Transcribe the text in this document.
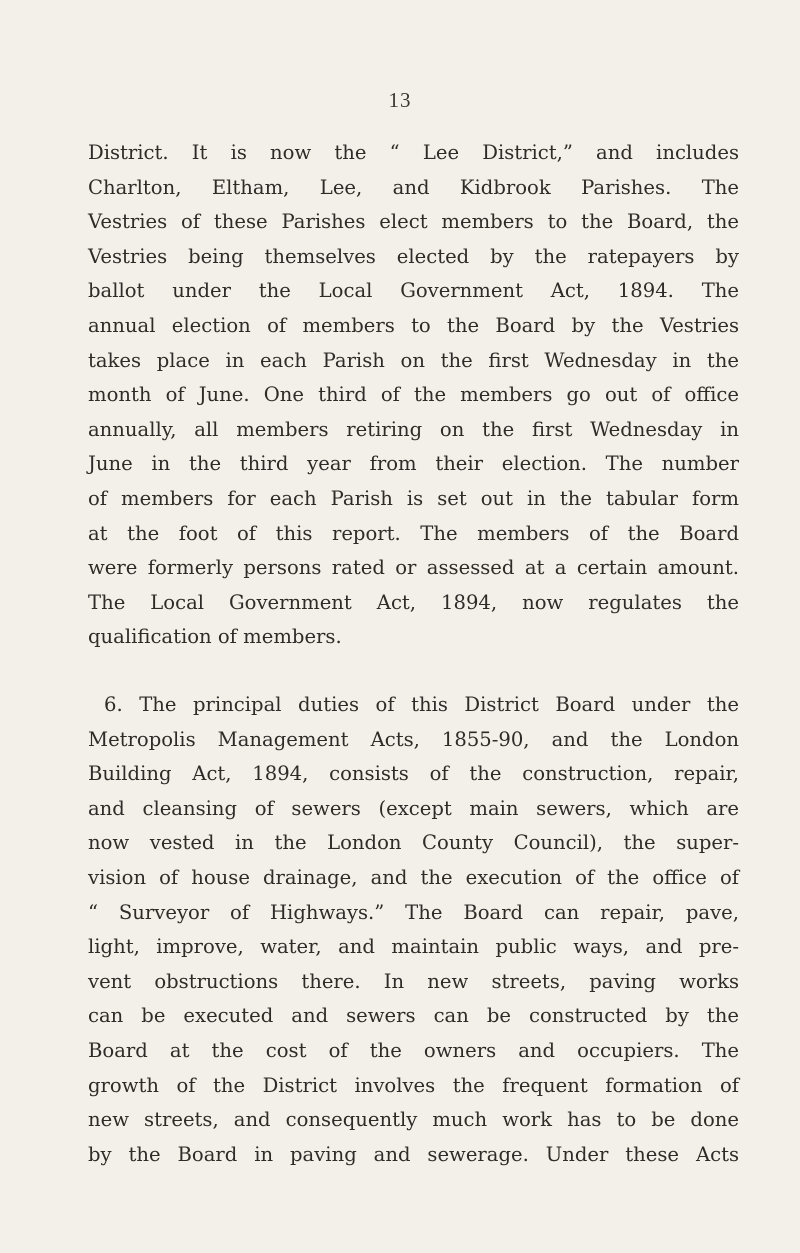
13
District. It is now the “ Lee District,” and includes
Charlton, Eltham, Lee, and Kidbrook Parishes. The
Vestries of these Parishes elect members to the Board, the
Vestries being themselves elected by the ratepayers by
ballot under the Local Government Act, 1894. The
annual election of members to the Board by the Vestries
takes place in each Parish on the first Wednesday in the
month of June. One third of the members go out of office
annually, all members retiring on the first Wednesday in
June in the third year from their election. The number
of members for each Parish is set out in the tabular form
at the foot of this report. The members of the Board
were formerly persons rated or assessed at a certain amount.
The Local Government Act, 1894, now regulates the
qualification of members.
6. The principal duties of this District Board under the
Metropolis Management Acts, 1855-90, and the London
Building Act, 1894, consists of the construction, repair,
and cleansing of sewers (except main sewers, which are
now vested in the London County Council), the super-
vision of house drainage, and the execution of the office of
“ Surveyor of Highways.” The Board can repair, pave,
light, improve, water, and maintain public ways, and pre-
vent obstructions there. In new streets, paving works
can be executed and sewers can be constructed by the
Board at the cost of the owners and occupiers. The
growth of the District involves the frequent formation of
new streets, and consequently much work has to be done
by the Board in paving and sewerage. Under these Acts
